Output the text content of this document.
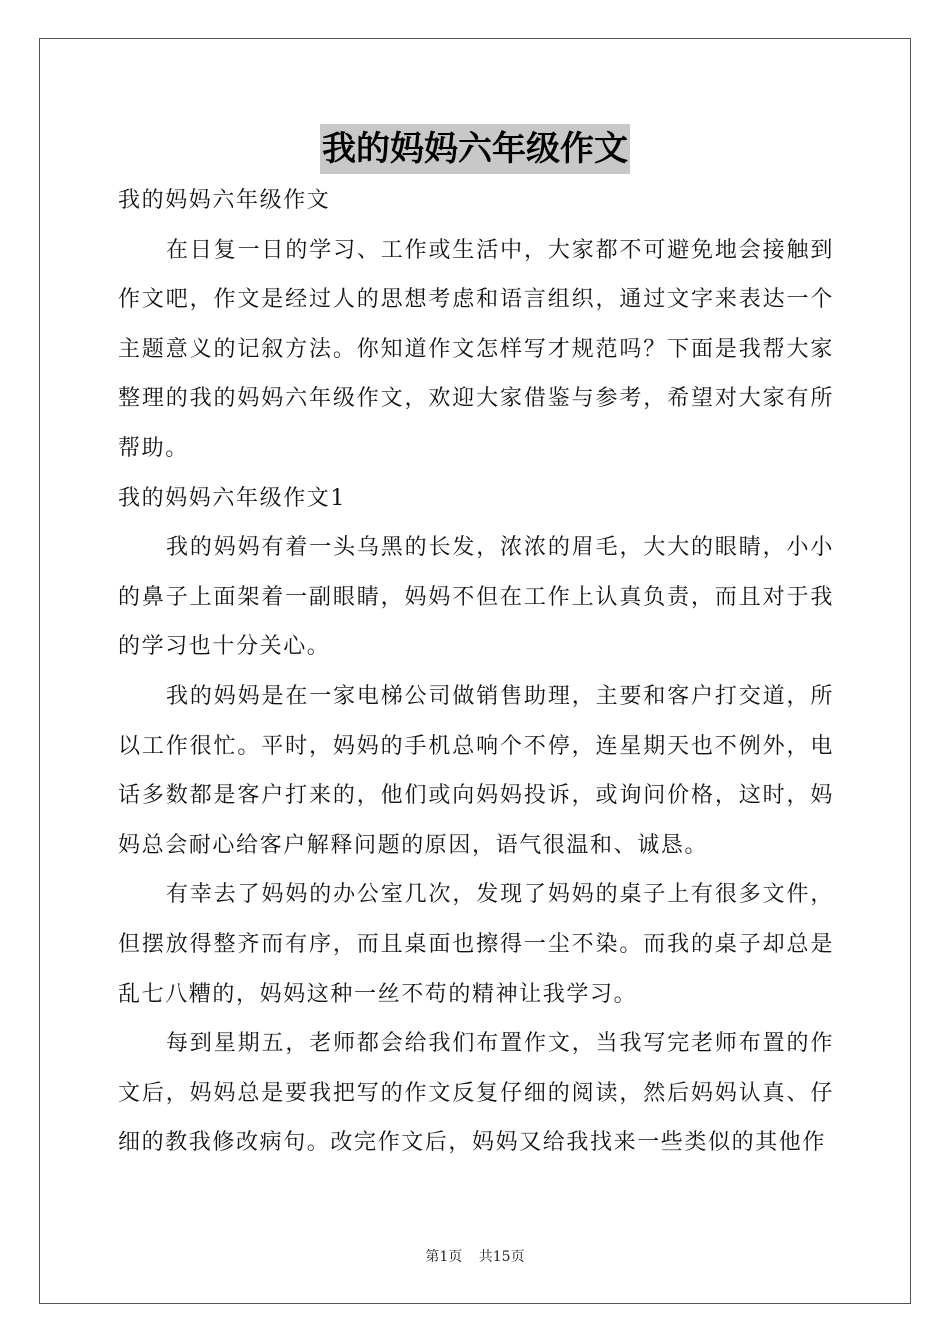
我的妈妈六年级作文

我的妈妈六年级作文

在日复一日的学习、工作或生活中，大家都不可避免地会接触到作文吧，作文是经过人的思想考虑和语言组织，通过文字来表达一个主题意义的记叙方法。你知道作文怎样写才规范吗？下面是我帮大家整理的我的妈妈六年级作文，欢迎大家借鉴与参考，希望对大家有所帮助。

我的妈妈六年级作文1

我的妈妈有着一头乌黑的长发，浓浓的眉毛，大大的眼睛，小小的鼻子上面架着一副眼睛，妈妈不但在工作上认真负责，而且对于我的学习也十分关心。

我的妈妈是在一家电梯公司做销售助理，主要和客户打交道，所以工作很忙。平时，妈妈的手机总响个不停，连星期天也不例外，电话多数都是客户打来的，他们或向妈妈投诉，或询问价格，这时，妈妈总会耐心给客户解释问题的原因，语气很温和、诚恳。

有幸去了妈妈的办公室几次，发现了妈妈的桌子上有很多文件，但摆放得整齐而有序，而且桌面也擦得一尘不染。而我的桌子却总是乱七八糟的，妈妈这种一丝不苟的精神让我学习。

每到星期五，老师都会给我们布置作文，当我写完老师布置的作文后，妈妈总是要我把写的作文反复仔细的阅读，然后妈妈认真、仔细的教我修改病句。改完作文后，妈妈又给我找来一些类似的其他作

第1页 共15页
